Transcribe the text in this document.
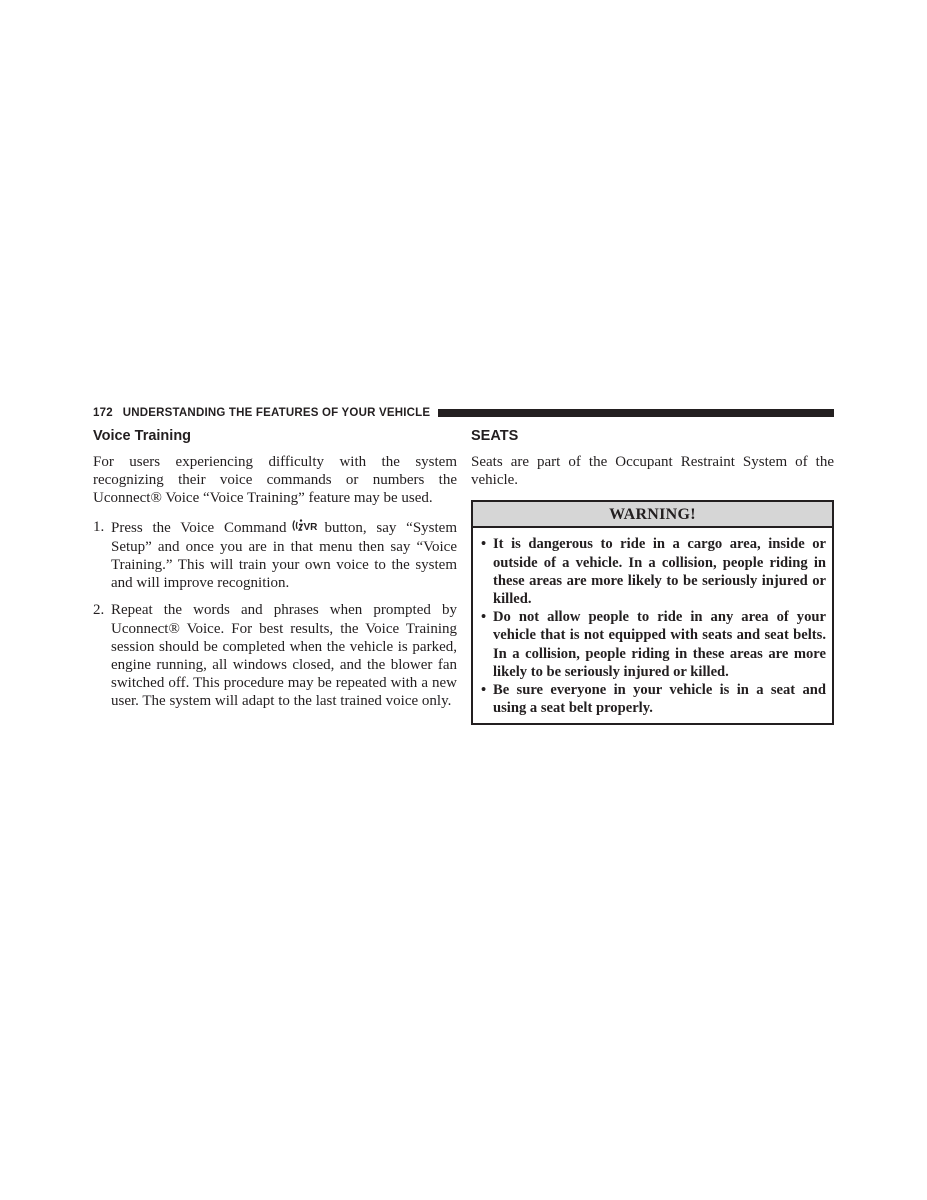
172 UNDERSTANDING THE FEATURES OF YOUR VEHICLE
Voice Training

For users experiencing difficulty with the system recognizing their voice commands or numbers the Uconnect® Voice “Voice Training” feature may be used.

1. Press the Voice Command VR button, say “System Setup” and once you are in that menu then say “Voice Training.” This will train your own voice to the system and will improve recognition.
2. Repeat the words and phrases when prompted by Uconnect® Voice. For best results, the Voice Training session should be completed when the vehicle is parked, engine running, all windows closed, and the blower fan switched off. This procedure may be repeated with a new user. The system will adapt to the last trained voice only.
SEATS

Seats are part of the Occupant Restraint System of the vehicle.

WARNING!
• It is dangerous to ride in a cargo area, inside or outside of a vehicle. In a collision, people riding in these areas are more likely to be seriously injured or killed.
• Do not allow people to ride in any area of your vehicle that is not equipped with seats and seat belts. In a collision, people riding in these areas are more likely to be seriously injured or killed.
• Be sure everyone in your vehicle is in a seat and using a seat belt properly.
